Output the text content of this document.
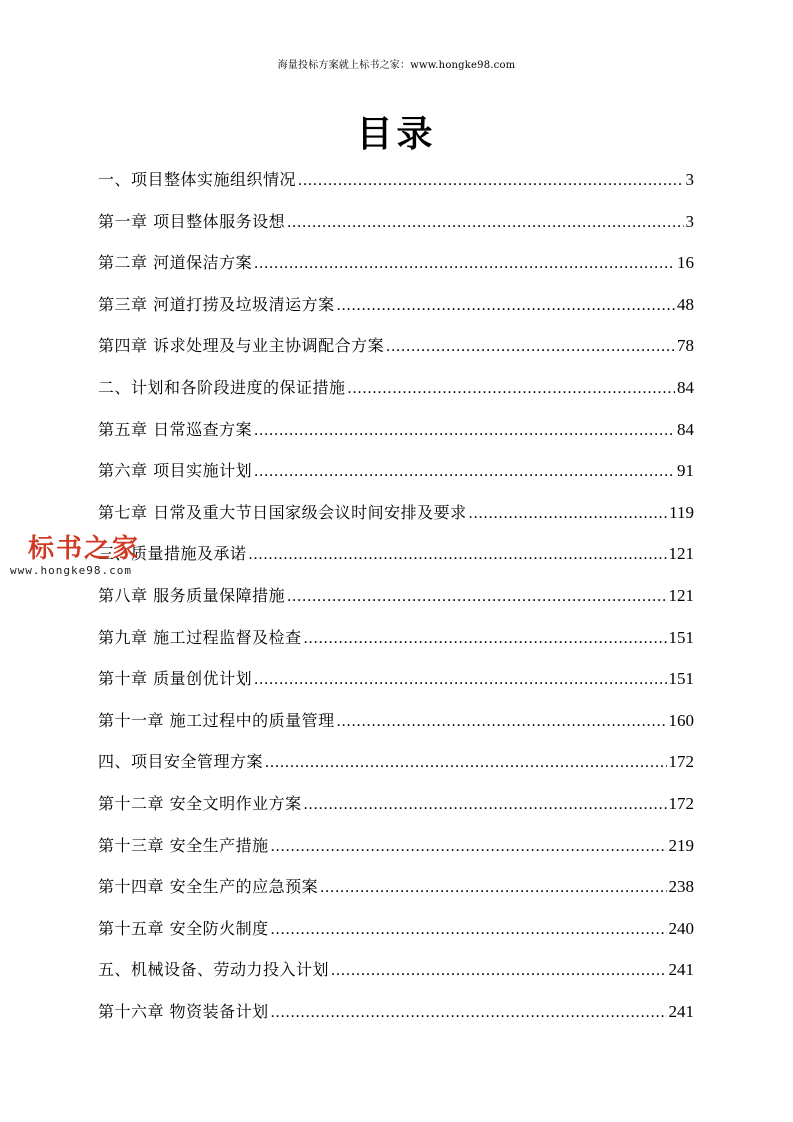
海量投标方案就上标书之家：www.hongke98.com
目录
一、项目整体实施组织情况 .....	3
第一章 项目整体服务设想 .....	3
第二章 河道保洁方案 .....	16
第三章 河道打捞及垃圾清运方案 .....	48
第四章 诉求处理及与业主协调配合方案 .....	78
二、计划和各阶段进度的保证措施 .....	84
第五章 日常巡查方案 .....	84
第六章 项目实施计划 .....	91
第七章 日常及重大节日国家级会议时间安排及要求 .....	119
三、质量措施及承诺 .....	121
第八章 服务质量保障措施 .....	121
第九章 施工过程监督及检查 .....	151
第十章 质量创优计划 .....	151
第十一章 施工过程中的质量管理 .....	160
四、项目安全管理方案 .....	172
第十二章 安全文明作业方案 .....	172
第十三章 安全生产措施 .....	219
第十四章 安全生产的应急预案 .....	238
第十五章 安全防火制度 .....	240
五、机械设备、劳动力投入计划 .....	241
第十六章 物资装备计划 .....	241
标书之家
www.hongke98.com
